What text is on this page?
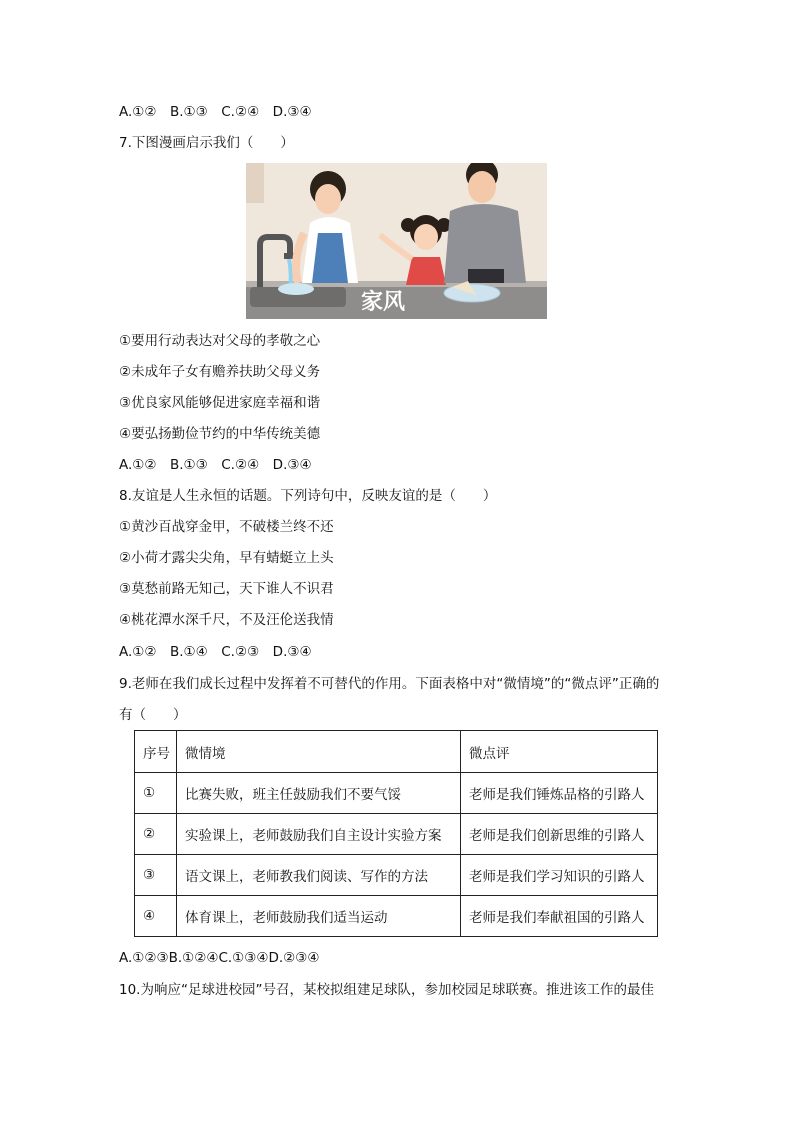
A.①②　B.①③　C.②④　D.③④
7.下图漫画启示我们（　　）
家风
①要用行动表达对父母的孝敬之心
②未成年子女有赡养扶助父母义务
③优良家风能够促进家庭幸福和谐
④要弘扬勤俭节约的中华传统美德
A.①②　B.①③　C.②④　D.③④
8.友谊是人生永恒的话题。下列诗句中，反映友谊的是（　　）
①黄沙百战穿金甲，不破楼兰终不还
②小荷才露尖尖角，早有蜻蜓立上头
③莫愁前路无知己，天下谁人不识君
④桃花潭水深千尺，不及汪伦送我情
A.①②　B.①④　C.②③　D.③④
9.老师在我们成长过程中发挥着不可替代的作用。下面表格中对“微情境”的“微点评”正确的
有（　　）
序号	微情境	微点评
①	比赛失败，班主任鼓励我们不要气馁	老师是我们锤炼品格的引路人
②	实验课上，老师鼓励我们自主设计实验方案	老师是我们创新思维的引路人
③	语文课上，老师教我们阅读、写作的方法	老师是我们学习知识的引路人
④	体育课上，老师鼓励我们适当运动	老师是我们奉献祖国的引路人
A.①②③B.①②④C.①③④D.②③④
10.为响应“足球进校园”号召，某校拟组建足球队，参加校园足球联赛。推进该工作的最佳
